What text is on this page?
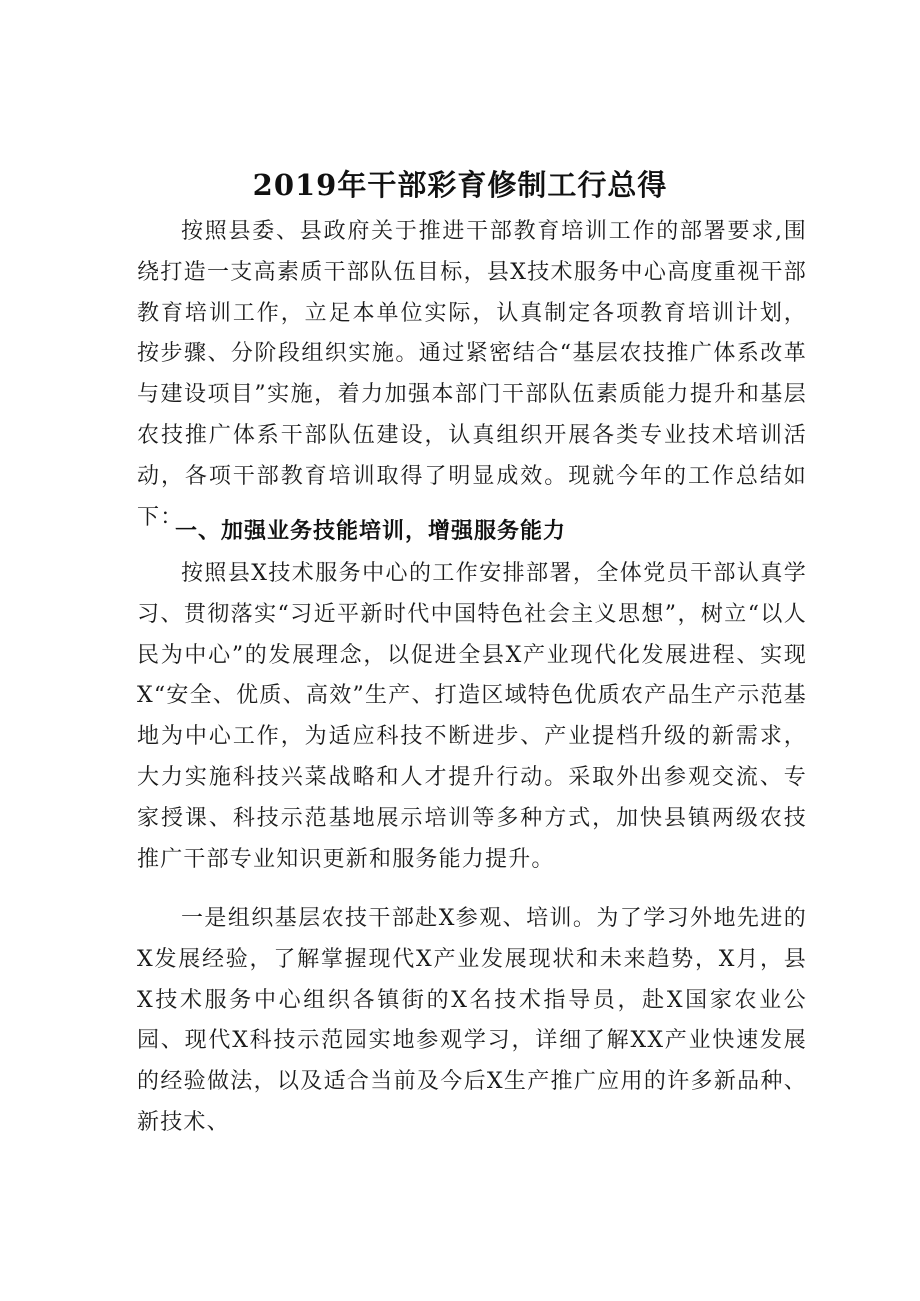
2019年干部彩育修制工行总得

按照县委、县政府关于推进干部教育培训工作的部署要求,围绕打造一支高素质干部队伍目标，县X技术服务中心高度重视干部教育培训工作，立足本单位实际，认真制定各项教育培训计划，按步骤、分阶段组织实施。通过紧密结合“基层农技推广体系改革与建设项目”实施，着力加强本部门干部队伍素质能力提升和基层农技推广体系干部队伍建设，认真组织开展各类专业技术培训活动，各项干部教育培训取得了明显成效。现就今年的工作总结如下：

一、加强业务技能培训，增强服务能力

按照县X技术服务中心的工作安排部署，全体党员干部认真学习、贯彻落实“习近平新时代中国特色社会主义思想”，树立“以人民为中心”的发展理念，以促进全县X产业现代化发展进程、实现X“安全、优质、高效”生产、打造区域特色优质农产品生产示范基地为中心工作，为适应科技不断进步、产业提档升级的新需求，大力实施科技兴菜战略和人才提升行动。采取外出参观交流、专家授课、科技示范基地展示培训等多种方式，加快县镇两级农技推广干部专业知识更新和服务能力提升。

一是组织基层农技干部赴X参观、培训。为了学习外地先进的X发展经验，了解掌握现代X产业发展现状和未来趋势，X月，县X技术服务中心组织各镇街的X名技术指导员，赴X国家农业公园、现代X科技示范园实地参观学习，详细了解XX产业快速发展的经验做法，以及适合当前及今后X生产推广应用的许多新品种、新技术、
